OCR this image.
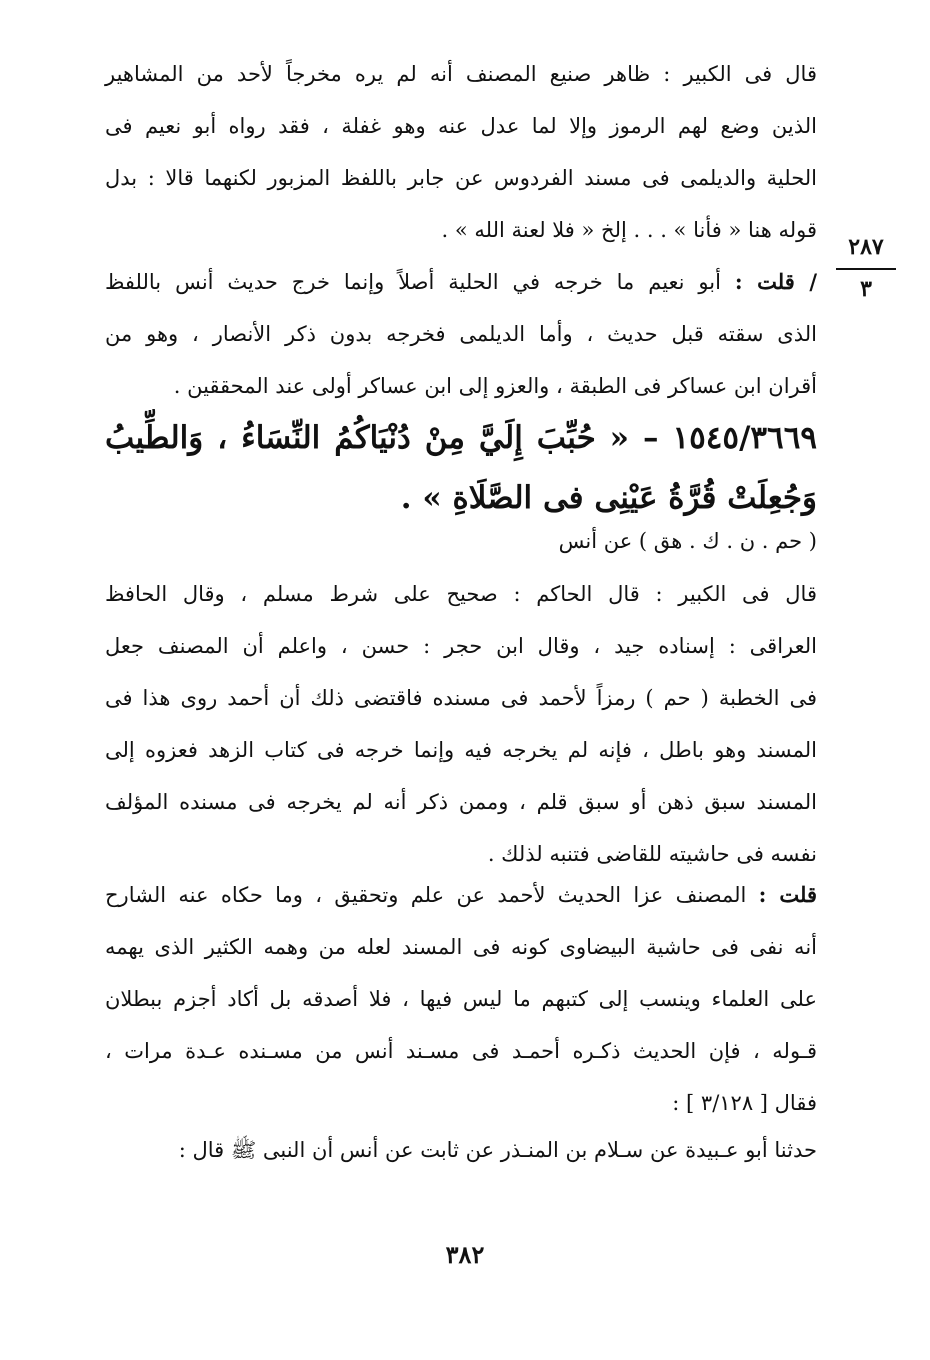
٢٨٧
٣
قال فى الكبير : ظاهر صنيع المصنف أنه لم يره مخرجاً لأحد من المشاهير
الذين وضع لهم الرموز وإلا لما عدل عنه وهو غفلة ، فقد رواه أبو نعيم فى
الحلية والديلمى فى مسند الفردوس عن جابر باللفظ المزبور لكنهما قالا : بدل
قوله هنا « فأنا » . . . إلخ « فلا لعنة الله » .
/ قلت : أبو نعيم ما خرجه في الحلية أصلاً وإنما خرج حديث أنس باللفظ
الذى سقته قبل حديث ، وأما الديلمى فخرجه بدون ذكر الأنصار ، وهو من
أقران ابن عساكر فى الطبقة ، والعزو إلى ابن عساكر أولى عند المحققين .
١٥٤٥/٣٦٦٩ – « حُبِّبَ إِلَيَّ مِنْ دُنْيَاكُمُ النِّسَاءُ ، وَالطِّيبُ
وَجُعِلَتْ قُرَّةُ عَيْنِى فى الصَّلَاةِ » .
( حم . ن . ك . هق ) عن أنس
قال فى الكبير : قال الحاكم : صحيح على شرط مسلم ، وقال الحافظ
العراقى : إسناده جيد ، وقال ابن حجر : حسن ، واعلم أن المصنف جعل
فى الخطبة ( حم ) رمزاً لأحمد فى مسنده فاقتضى ذلك أن أحمد روى هذا فى
المسند وهو باطل ، فإنه لم يخرجه فيه وإنما خرجه فى كتاب الزهد فعزوه إلى
المسند سبق ذهن أو سبق قلم ، وممن ذكر أنه لم يخرجه فى مسنده المؤلف
نفسه فى حاشيته للقاضى فتنبه لذلك .
قلت : المصنف عزا الحديث لأحمد عن علم وتحقيق ، وما حكاه عنه الشارح
أنه نفى فى حاشية البيضاوى كونه فى المسند لعله من وهمه الكثير الذى يهمه
على العلماء وينسب إلى كتبهم ما ليس فيها ، فلا أصدقه بل أكاد أجزم ببطلان
قـوله ، فإن الحديث ذكـره أحمـد فى مسـند أنس من مسـنده عـدة مرات ،
فقال [ ٣/١٢٨ ] :
حدثنا أبو عـبيدة عن سـلام بن المنـذر عن ثابت عن أنس أن النبى ﷺ قال :
٣٨٢
